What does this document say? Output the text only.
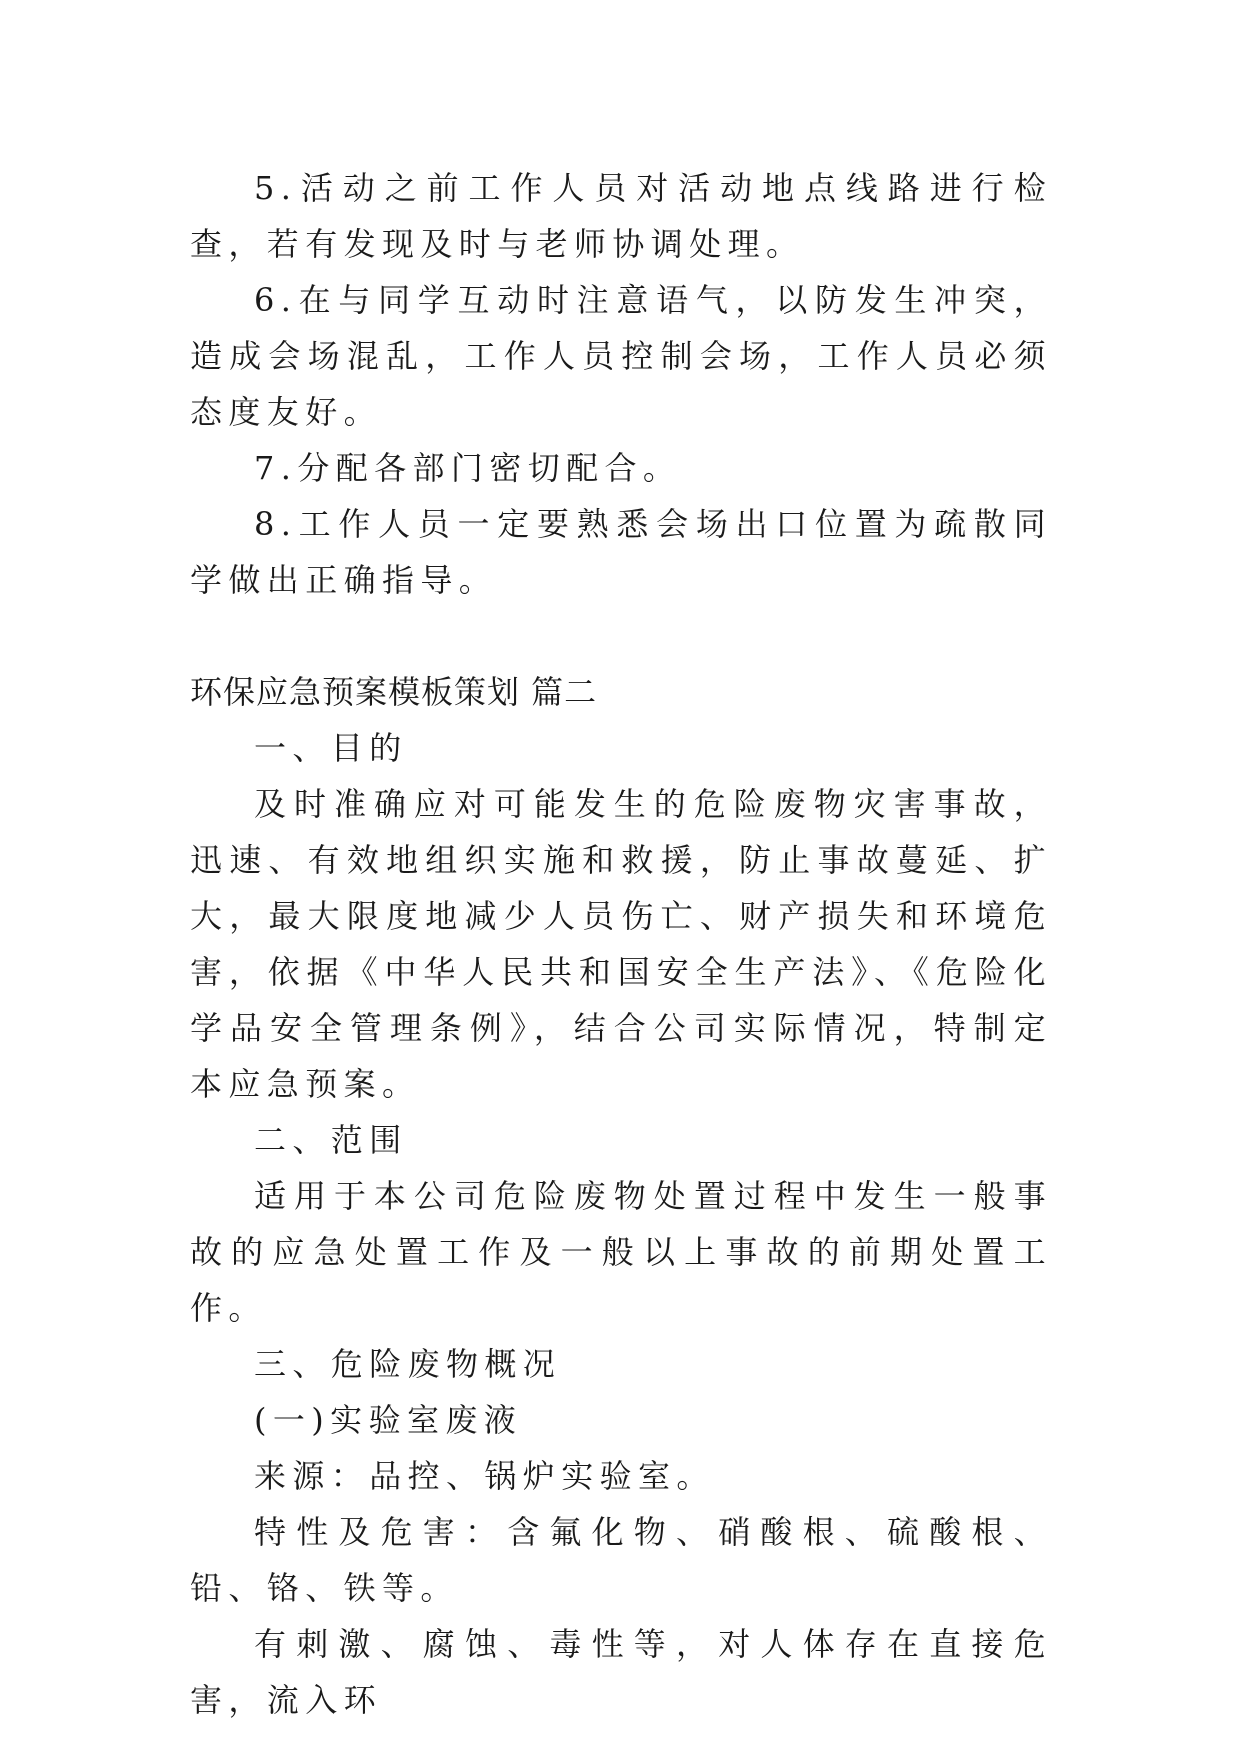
5.活动之前工作人员对活动地点线路进行检查，若有发现及时与老师协调处理。

6.在与同学互动时注意语气，以防发生冲突，造成会场混乱，工作人员控制会场，工作人员必须态度友好。

7.分配各部门密切配合。

8.工作人员一定要熟悉会场出口位置为疏散同学做出正确指导。

环保应急预案模板策划 篇二

一、目的

及时准确应对可能发生的危险废物灾害事故，迅速、有效地组织实施和救援，防止事故蔓延、扩大，最大限度地减少人员伤亡、财产损失和环境危害，依据《中华人民共和国安全生产法》、《危险化学品安全管理条例》，结合公司实际情况，特制定本应急预案。

二、范围

适用于本公司危险废物处置过程中发生一般事故的应急处置工作及一般以上事故的前期处置工作。

三、危险废物概况

(一)实验室废液

来源：品控、锅炉实验室。

特性及危害：含氟化物、硝酸根、硫酸根、铅、铬、铁等。

有刺激、腐蚀、毒性等，对人体存在直接危害，流入环
